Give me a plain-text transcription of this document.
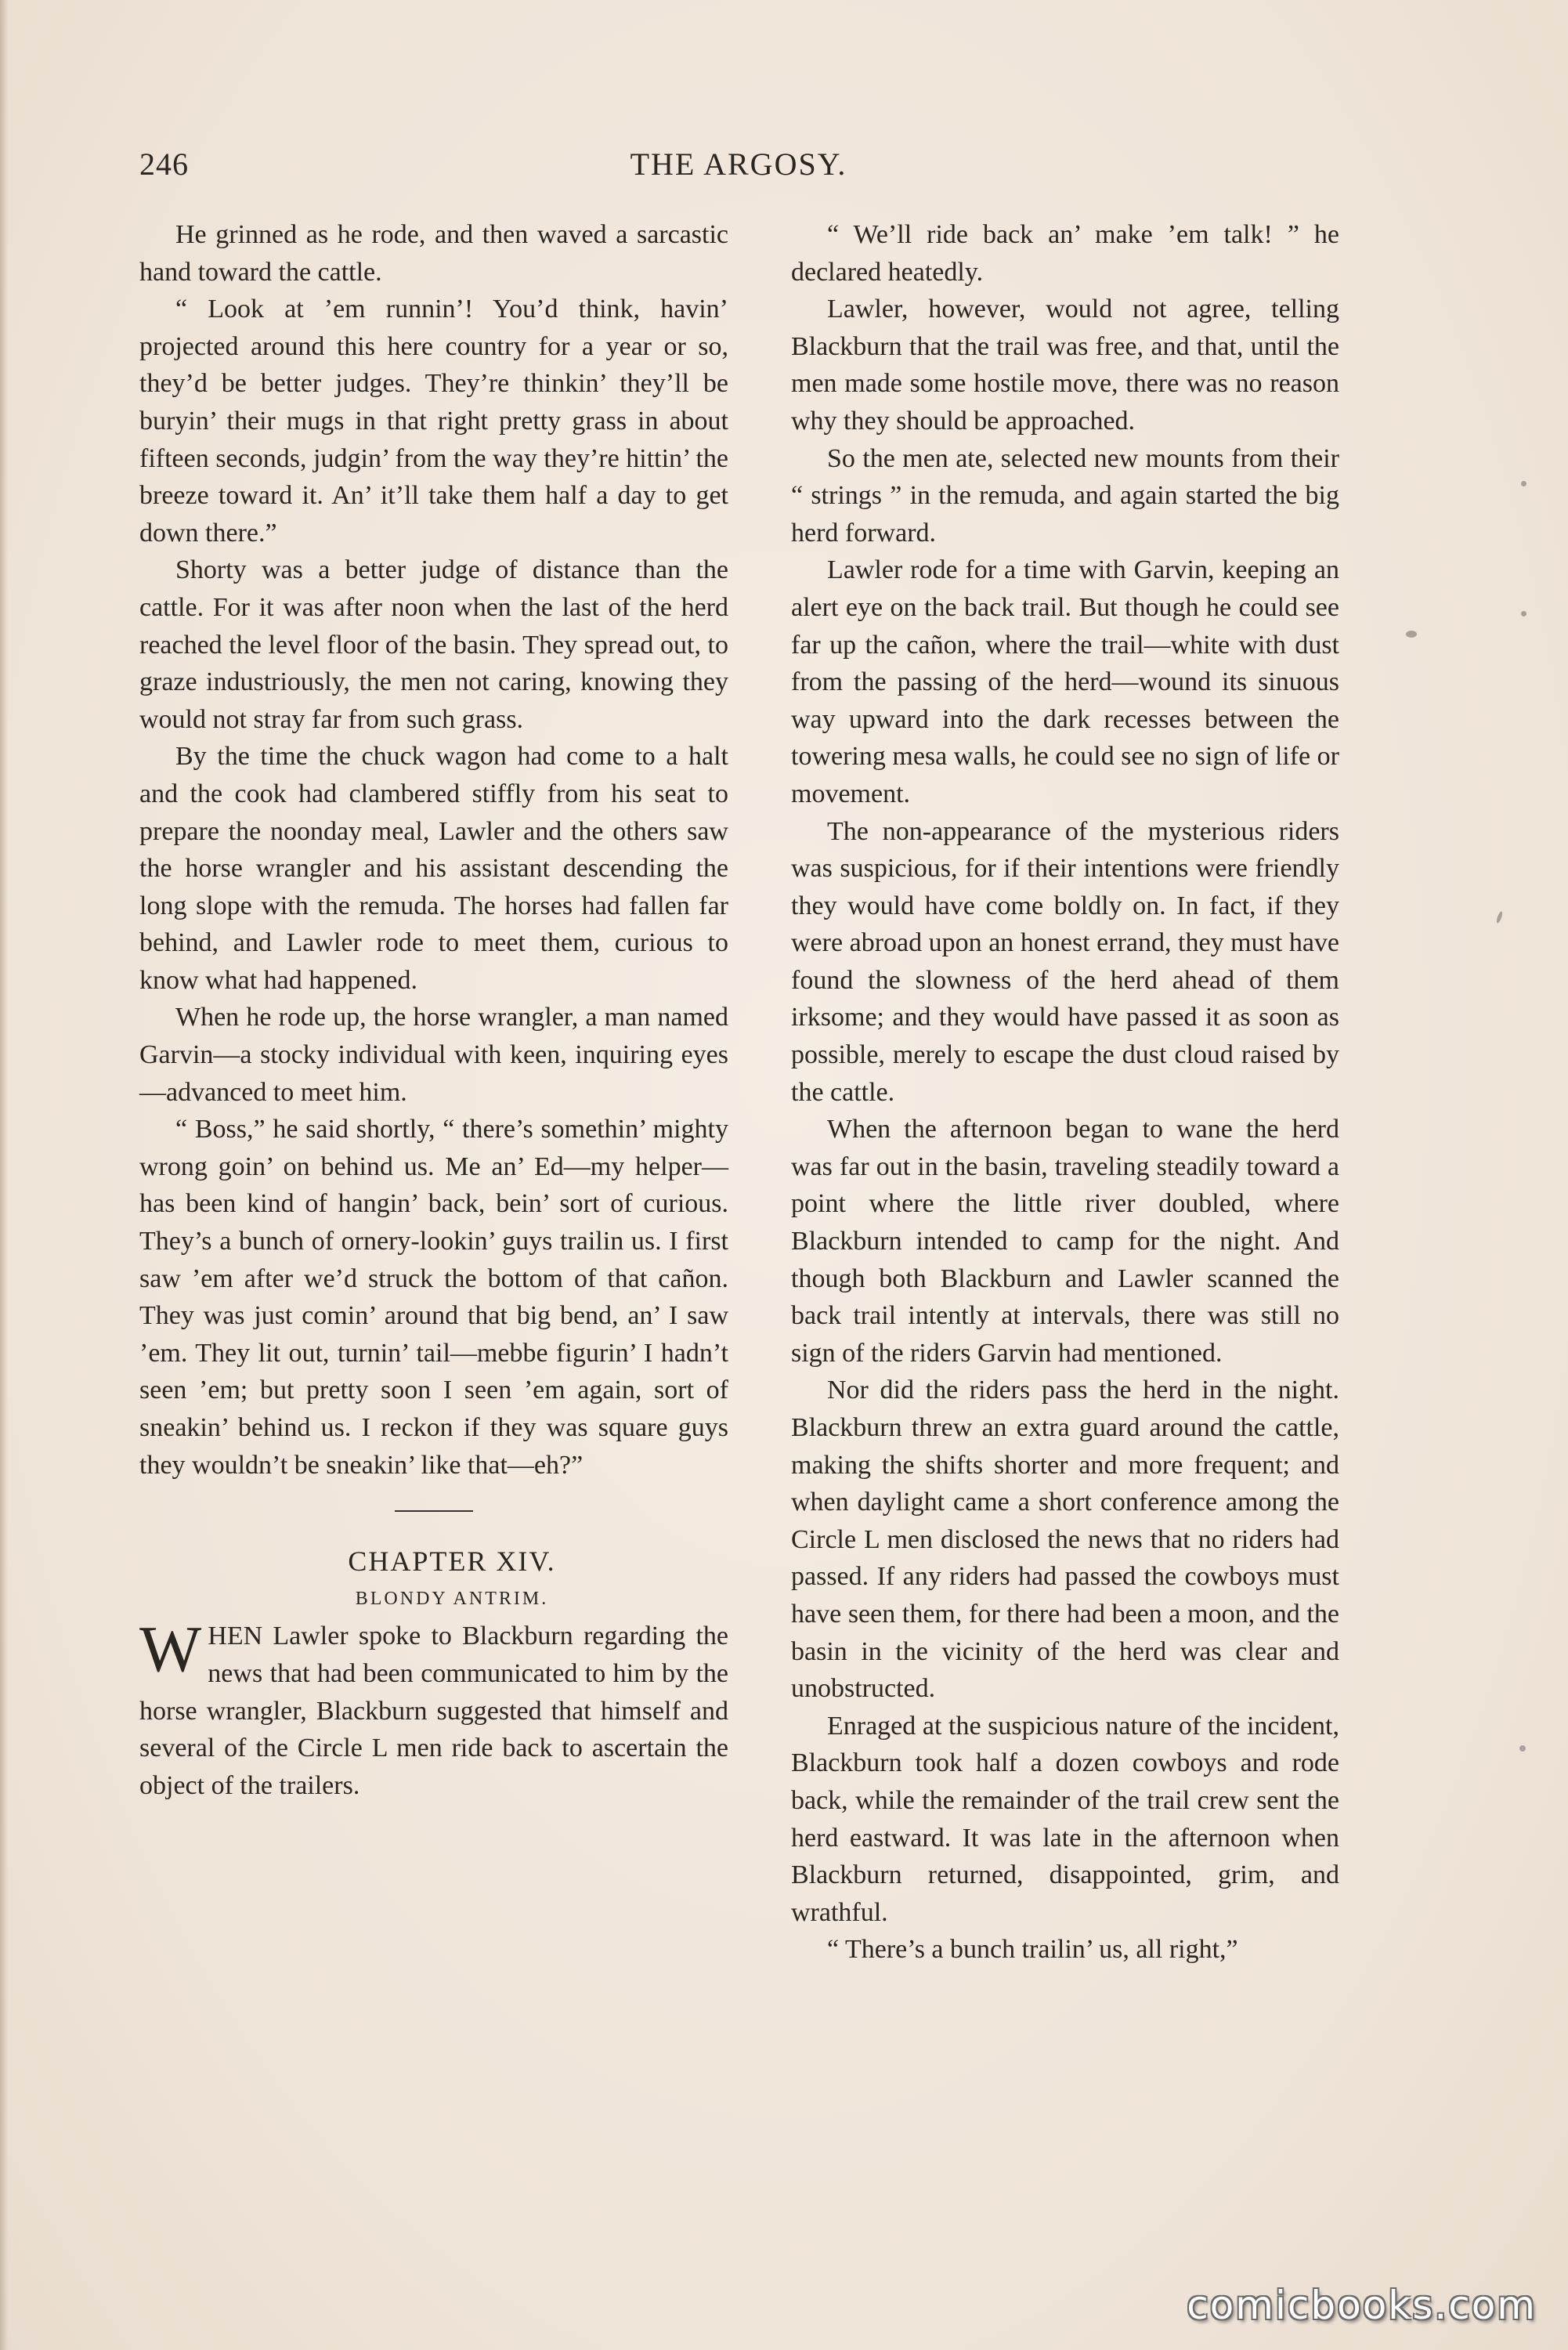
246	THE ARGOSY.

He grinned as he rode, and then waved a sarcastic hand toward the cattle.

“ Look at ’em runnin’! You’d think, havin’ projected around this here country for a year or so, they’d be better judges. They’re thinkin’ they’ll be buryin’ their mugs in that right pretty grass in about fifteen seconds, judgin’ from the way they’re hittin’ the breeze toward it. An’ it’ll take them half a day to get down there.”

Shorty was a better judge of distance than the cattle. For it was after noon when the last of the herd reached the level floor of the basin. They spread out, to graze industriously, the men not caring, knowing they would not stray far from such grass.

By the time the chuck wagon had come to a halt and the cook had clambered stiffly from his seat to prepare the noonday meal, Lawler and the others saw the horse wrangler and his assistant descending the long slope with the remuda. The horses had fallen far behind, and Lawler rode to meet them, curious to know what had happened.

When he rode up, the horse wrangler, a man named Garvin—a stocky individual with keen, inquiring eyes—advanced to meet him.

“ Boss,” he said shortly, “ there’s somethin’ mighty wrong goin’ on behind us. Me an’ Ed—my helper—has been kind of hangin’ back, bein’ sort of curious. They’s a bunch of ornery-lookin’ guys trailin us. I first saw ’em after we’d struck the bottom of that cañon. They was just comin’ around that big bend, an’ I saw ’em. They lit out, turnin’ tail—mebbe figurin’ I hadn’t seen ’em; but pretty soon I seen ’em again, sort of sneakin’ behind us. I reckon if they was square guys they wouldn’t be sneakin’ like that—eh?”

CHAPTER XIV.

BLONDY ANTRIM.

WHEN Lawler spoke to Blackburn regarding the news that had been communicated to him by the horse wrangler, Blackburn suggested that himself and several of the Circle L men ride back to ascertain the object of the trailers.

“ We’ll ride back an’ make ’em talk! ” he declared heatedly.

Lawler, however, would not agree, telling Blackburn that the trail was free, and that, until the men made some hostile move, there was no reason why they should be approached.

So the men ate, selected new mounts from their “ strings ” in the remuda, and again started the big herd forward.

Lawler rode for a time with Garvin, keeping an alert eye on the back trail. But though he could see far up the cañon, where the trail—white with dust from the passing of the herd—wound its sinuous way upward into the dark recesses between the towering mesa walls, he could see no sign of life or movement.

The non-appearance of the mysterious riders was suspicious, for if their intentions were friendly they would have come boldly on. In fact, if they were abroad upon an honest errand, they must have found the slowness of the herd ahead of them irksome; and they would have passed it as soon as possible, merely to escape the dust cloud raised by the cattle.

When the afternoon began to wane the herd was far out in the basin, traveling steadily toward a point where the little river doubled, where Blackburn intended to camp for the night. And though both Blackburn and Lawler scanned the back trail intently at intervals, there was still no sign of the riders Garvin had mentioned.

Nor did the riders pass the herd in the night. Blackburn threw an extra guard around the cattle, making the shifts shorter and more frequent; and when daylight came a short conference among the Circle L men disclosed the news that no riders had passed. If any riders had passed the cowboys must have seen them, for there had been a moon, and the basin in the vicinity of the herd was clear and unobstructed.

Enraged at the suspicious nature of the incident, Blackburn took half a dozen cowboys and rode back, while the remainder of the trail crew sent the herd eastward. It was late in the afternoon when Blackburn returned, disappointed, grim, and wrathful.

“ There’s a bunch trailin’ us, all right,”

comicbooks.com
